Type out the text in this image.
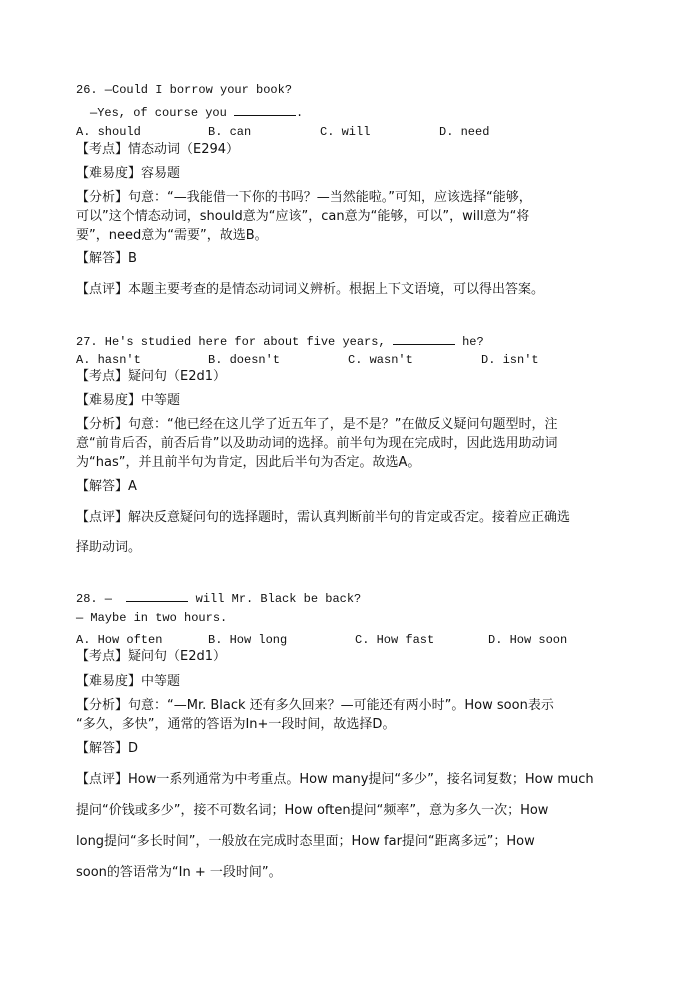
26. —Could I borrow your book?
—Yes, of course you	.
A. should	B. can	C. will	D. need
【考点】情态动词（E294）
【难易度】容易题
【分析】句意：“—我能借一下你的书吗？—当然能啦。”可知，应该选择“能够，
可以”这个情态动词，should意为“应该”，can意为“能够，可以”，will意为“将
要”，need意为“需要”，故选B。
【解答】B
【点评】本题主要考查的是情态动词词义辨析。根据上下文语境，可以得出答案。
27. He's studied here for about five years,	he?
A. hasn't	B. doesn't	C. wasn't	D. isn't
【考点】疑问句（E2d1）
【难易度】中等题
【分析】句意：“他已经在这儿学了近五年了，是不是？”在做反义疑问句题型时，注
意“前肯后否，前否后肯”以及助动词的选择。前半句为现在完成时，因此选用助动词
为“has”，并且前半句为肯定，因此后半句为否定。故选A。
【解答】A
【点评】解决反意疑问句的选择题时，需认真判断前半句的肯定或否定。接着应正确选
择助动词。
28. —	will Mr. Black be back?
— Maybe in two hours.
A. How often	B. How long	C. How fast	D. How soon
【考点】疑问句（E2d1）
【难易度】中等题
【分析】句意：“—Mr. Black 还有多久回来？—可能还有两小时”。How soon表示
“多久，多快”，通常的答语为In+一段时间，故选择D。
【解答】D
【点评】How一系列通常为中考重点。How many提问“多少”，接名词复数；How much
提问“价钱或多少”，接不可数名词；How often提问“频率”，意为多久一次；How
long提问“多长时间”，一般放在完成时态里面；How far提问“距离多远”；How
soon的答语常为“In + 一段时间”。
